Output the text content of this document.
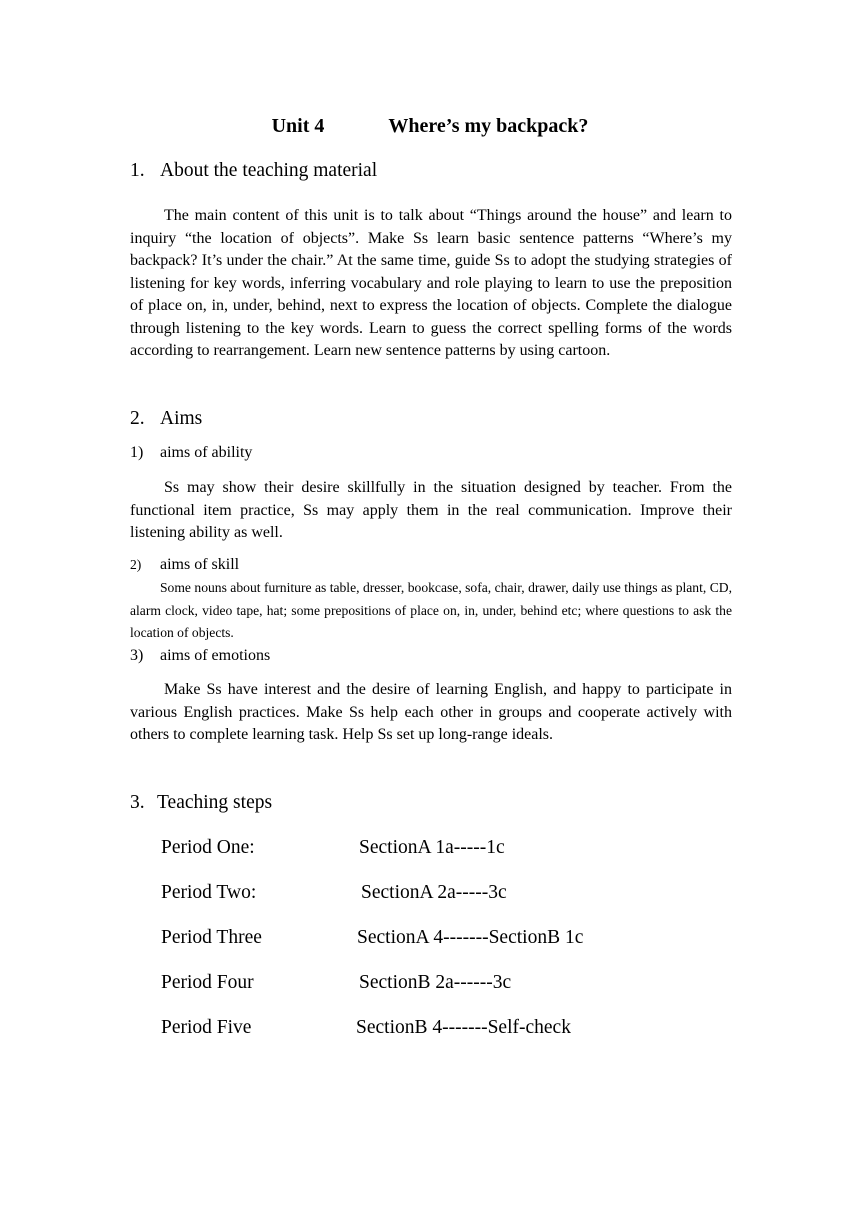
Unit 4	Where’s my backpack?
1. About the teaching material
The main content of this unit is to talk about “Things around the house” and learn to inquiry “the location of objects”. Make Ss learn basic sentence patterns “Where’s my backpack? It’s under the chair.” At the same time, guide Ss to adopt the studying strategies of listening for key words, inferring vocabulary and role playing to learn to use the preposition of place on, in, under, behind, next to express the location of objects. Complete the dialogue through listening to the key words. Learn to guess the correct spelling forms of the words according to rearrangement. Learn new sentence patterns by using cartoon.
2. Aims
1) aims of ability
Ss may show their desire skillfully in the situation designed by teacher. From the functional item practice, Ss may apply them in the real communication. Improve their listening ability as well.
2) aims of skill
Some nouns about furniture as table, dresser, bookcase, sofa, chair, drawer, daily use things as plant, CD, alarm clock, video tape, hat; some prepositions of place on, in, under, behind etc; where questions to ask the location of objects.
3) aims of emotions
Make Ss have interest and the desire of learning English, and happy to participate in various English practices. Make Ss help each other in groups and cooperate actively with others to complete learning task. Help Ss set up long-range ideals.
3. Teaching steps
Period One:	SectionA 1a-----1c
Period Two:	SectionA 2a-----3c
Period Three	SectionA 4-------SectionB 1c
Period Four	SectionB 2a------3c
Period Five	SectionB 4-------Self-check
